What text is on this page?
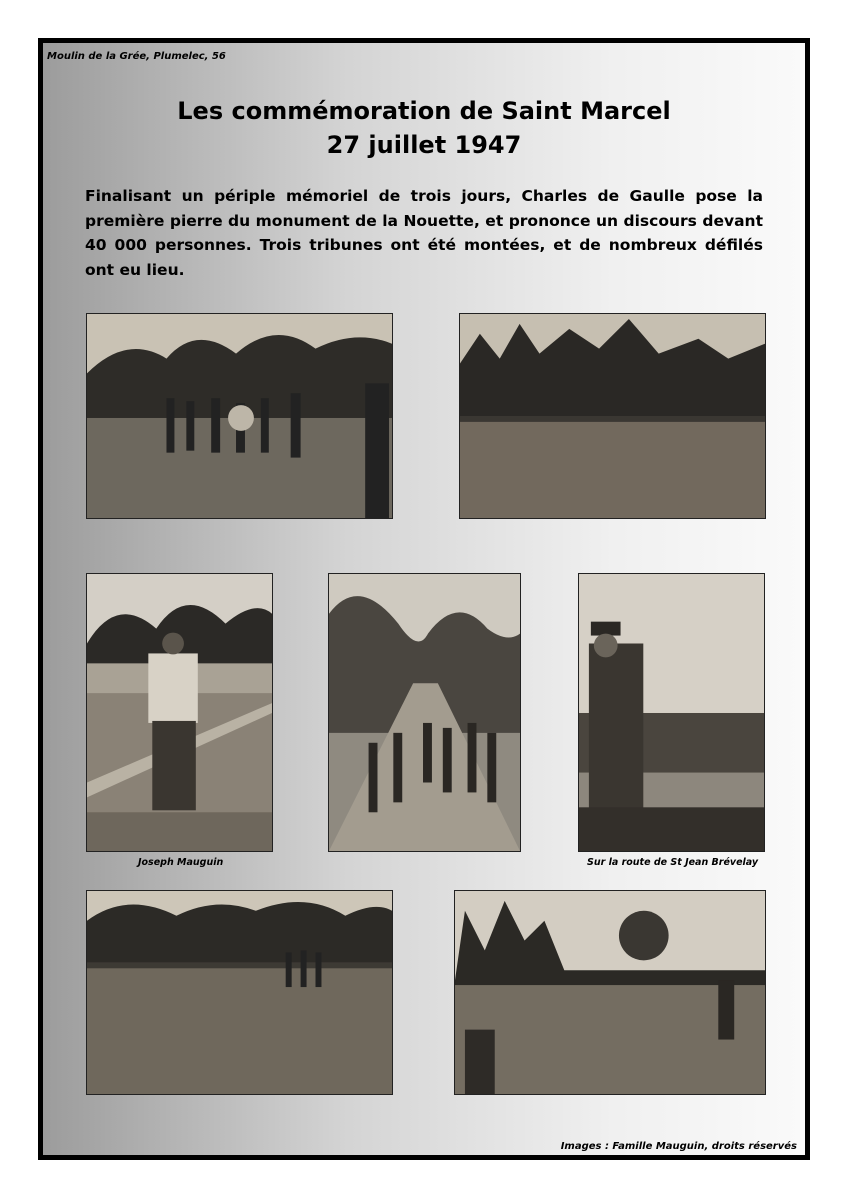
Moulin de la Grée, Plumelec, 56
Les commémoration de Saint Marcel
27 juillet 1947
Finalisant un périple mémoriel de trois jours, Charles de Gaulle pose la première pierre du monument de la Nouette, et prononce un discours devant 40 000 personnes. Trois tribunes ont été montées, et de nombreux défilés ont eu lieu.
Joseph Mauguin	Sur la route de St Jean Brévelay
Images : Famille Mauguin, droits réservés
